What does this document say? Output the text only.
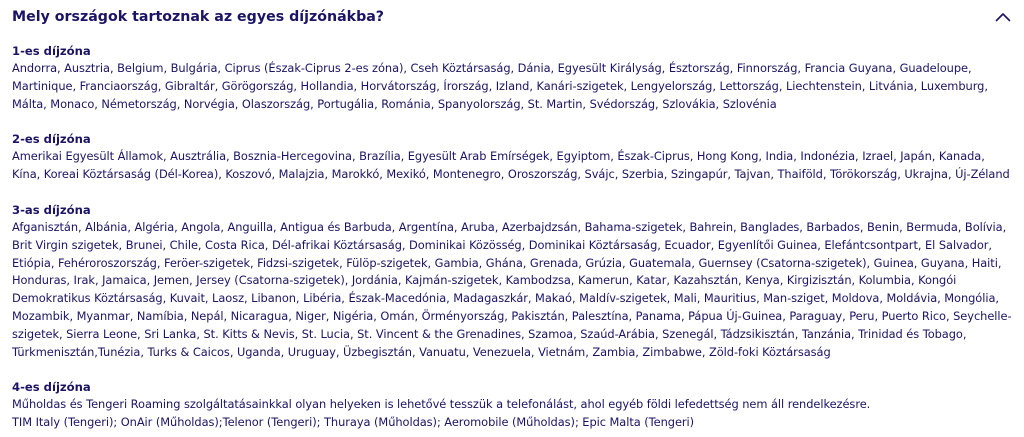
Mely országok tartoznak az egyes díjzónákba?
1-es díjzóna

Andorra, Ausztria, Belgium, Bulgária, Ciprus (Észak-Ciprus 2-es zóna), Cseh Köztársaság, Dánia, Egyesült Királyság, Észtország, Finnország, Francia Guyana, Guadeloupe, Martinique, Franciaország, Gibraltár, Görögország, Hollandia, Horvátország, Írország, Izland, Kanári-szigetek, Lengyelország, Lettország, Liechtenstein, Litvánia, Luxemburg, Málta, Monaco, Németország, Norvégia, Olaszország, Portugália, Románia, Spanyolország, St. Martin, Svédország, Szlovákia, Szlovénia

2-es díjzóna

Amerikai Egyesült Államok, Ausztrália, Bosznia-Hercegovina, Brazília, Egyesült Arab Emírségek, Egyiptom, Észak-Ciprus, Hong Kong, India, Indonézia, Izrael, Japán, Kanada, Kína, Koreai Köztársaság (Dél-Korea), Koszovó, Malajzia, Marokkó, Mexikó, Montenegro, Oroszország, Svájc, Szerbia, Szingapúr, Tajvan, Thaiföld, Törökország, Ukrajna, Új-Zéland

3-as díjzóna

Afganisztán, Albánia, Algéria, Angola, Anguilla, Antigua és Barbuda, Argentína, Aruba, Azerbajdzsán, Bahama-szigetek, Bahrein, Banglades, Barbados, Benin, Bermuda, Bolívia, Brit Virgin szigetek, Brunei, Chile, Costa Rica, Dél-afrikai Köztársaság, Dominikai Közösség, Dominikai Köztársaság, Ecuador, Egyenlítői Guinea, Elefántcsontpart, El Salvador, Etiópia, Fehéroroszország, Feröer-szigetek, Fidzsi-szigetek, Fülöp-szigetek, Gambia, Ghána, Grenada, Grúzia, Guatemala, Guernsey (Csatorna-szigetek), Guinea, Guyana, Haiti, Honduras, Irak, Jamaica, Jemen, Jersey (Csatorna-szigetek), Jordánia, Kajmán-szigetek, Kambodzsa, Kamerun, Katar, Kazahsztán, Kenya, Kirgizisztán, Kolumbia, Kongói Demokratikus Köztársaság, Kuvait, Laosz, Libanon, Libéria, Észak-Macedónia, Madagaszkár, Makaó, Maldív-szigetek, Mali, Mauritius, Man-sziget, Moldova, Moldávia, Mongólia, Mozambik, Myanmar, Namíbia, Nepál, Nicaragua, Niger, Nigéria, Omán, Örményország, Pakisztán, Palesztína, Panama, Pápua Új-Guinea, Paraguay, Peru, Puerto Rico, Seychelle-szigetek, Sierra Leone, Sri Lanka, St. Kitts & Nevis, St. Lucia, St. Vincent & the Grenadines, Szamoa, Szaúd-Arábia, Szenegál, Tádzsikisztán, Tanzánia, Trinidad és Tobago, Türkmenisztán,Tunézia, Turks & Caicos, Uganda, Uruguay, Üzbegisztán, Vanuatu, Venezuela, Vietnám, Zambia, Zimbabwe, Zöld-foki Köztársaság

4-es díjzóna

Műholdas és Tengeri Roaming szolgáltatásainkkal olyan helyeken is lehetővé tesszük a telefonálást, ahol egyéb földi lefedettség nem áll rendelkezésre.

TIM Italy (Tengeri); OnAir (Műholdas);Telenor (Tengeri); Thuraya (Műholdas); Aeromobile (Műholdas); Epic Malta (Tengeri)
